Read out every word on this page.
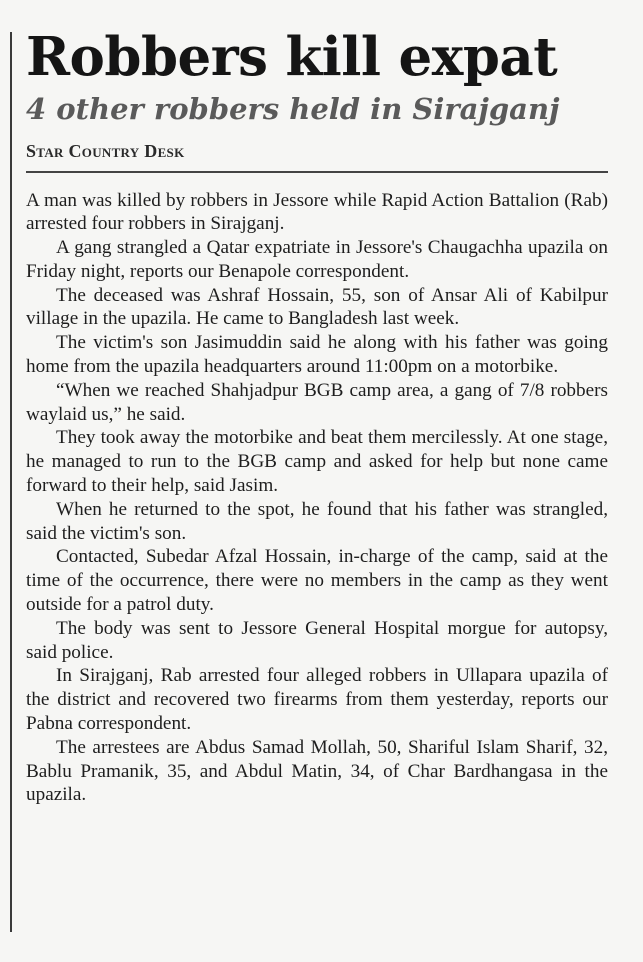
Robbers kill expat
4 other robbers held in Sirajganj
Star Country Desk

A man was killed by robbers in Jessore while Rapid Action Battalion (Rab) arrested four robbers in Sirajganj.

A gang strangled a Qatar expatriate in Jessore's Chaugachha upazila on Friday night, reports our Benapole correspondent.

The deceased was Ashraf Hossain, 55, son of Ansar Ali of Kabilpur village in the upazila. He came to Bangladesh last week.

The victim's son Jasimuddin said he along with his father was going home from the upazila headquarters around 11:00pm on a motorbike.

“When we reached Shahjadpur BGB camp area, a gang of 7/8 robbers waylaid us,” he said.

They took away the motorbike and beat them mercilessly. At one stage, he managed to run to the BGB camp and asked for help but none came forward to their help, said Jasim.

When he returned to the spot, he found that his father was strangled, said the victim's son.

Contacted, Subedar Afzal Hossain, in-charge of the camp, said at the time of the occurrence, there were no members in the camp as they went outside for a patrol duty.

The body was sent to Jessore General Hospital morgue for autopsy, said police.

In Sirajganj, Rab arrested four alleged robbers in Ullapara upazila of the district and recovered two firearms from them yesterday, reports our Pabna correspondent.

The arrestees are Abdus Samad Mollah, 50, Shariful Islam Sharif, 32, Bablu Pramanik, 35, and Abdul Matin, 34, of Char Bardhangasa in the upazila.
